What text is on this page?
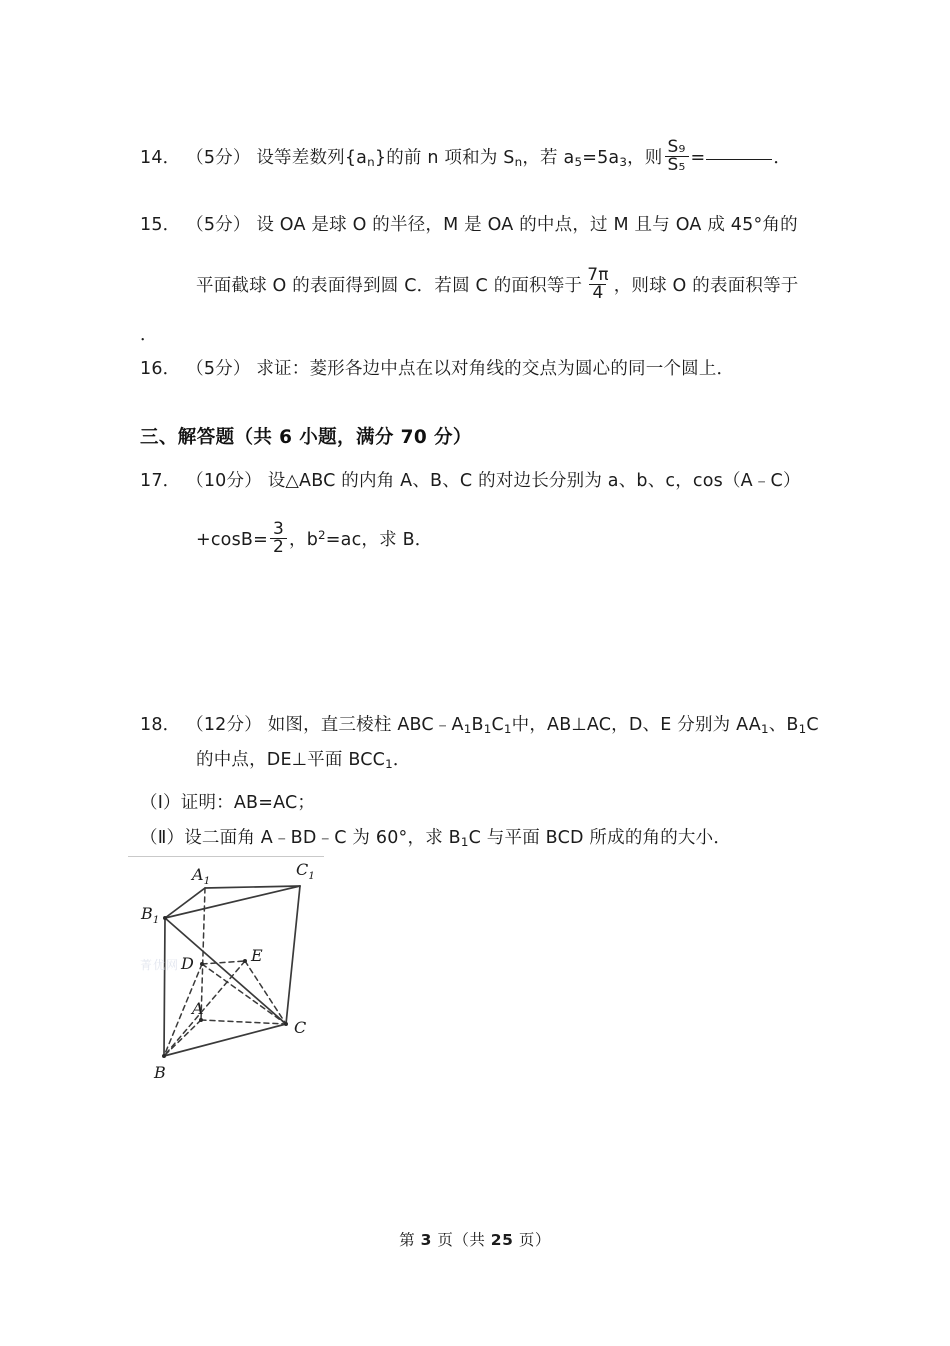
14． （5分） 设等差数列$\{a_n\}$的前 n 项和为 $S_n$，若 $a_5=5a_3$，则 $\frac{\text{S₉}}{\text{S₅}}$ =	．
15． （5分） 设 OA 是球 O 的半径，M 是 OA 的中点，过 M 且与 OA 成 45°角的
平面截球 O 的表面得到圆 C．若圆 C 的面积等于 $\frac{7\pi}{4}$ ，则球 O 的表面积等于
．
16． （5分） 求证：菱形各边中点在以对角线的交点为圆心的同一个圆上．
三、解答题（共 6 小题，满分 70 分）
17． （10分） 设△ABC 的内角 A、B、C 的对边长分别为 a、b、c，cos（A﹣C）
$+\cos B= \frac{3}{2}$ ，$b^2=ac$，求 B．
18． （12分） 如图，直三棱柱 $ABC﹣A_1B_1C_1$中，AB⊥AC，D、E 分别为 $AA_1$、$B_1C$
的中点，DE⊥平面 $BCC_1$．
（Ⅰ）证明：AB=AC；
（Ⅱ）设二面角 A﹣BD﹣C 为 60°，求 $B_1C$ 与平面 BCD 所成的角的大小．
菁优网
$A_1$
$C_1$
$B_1$
D	E
A
C
B
第 3 页（共 25 页）
